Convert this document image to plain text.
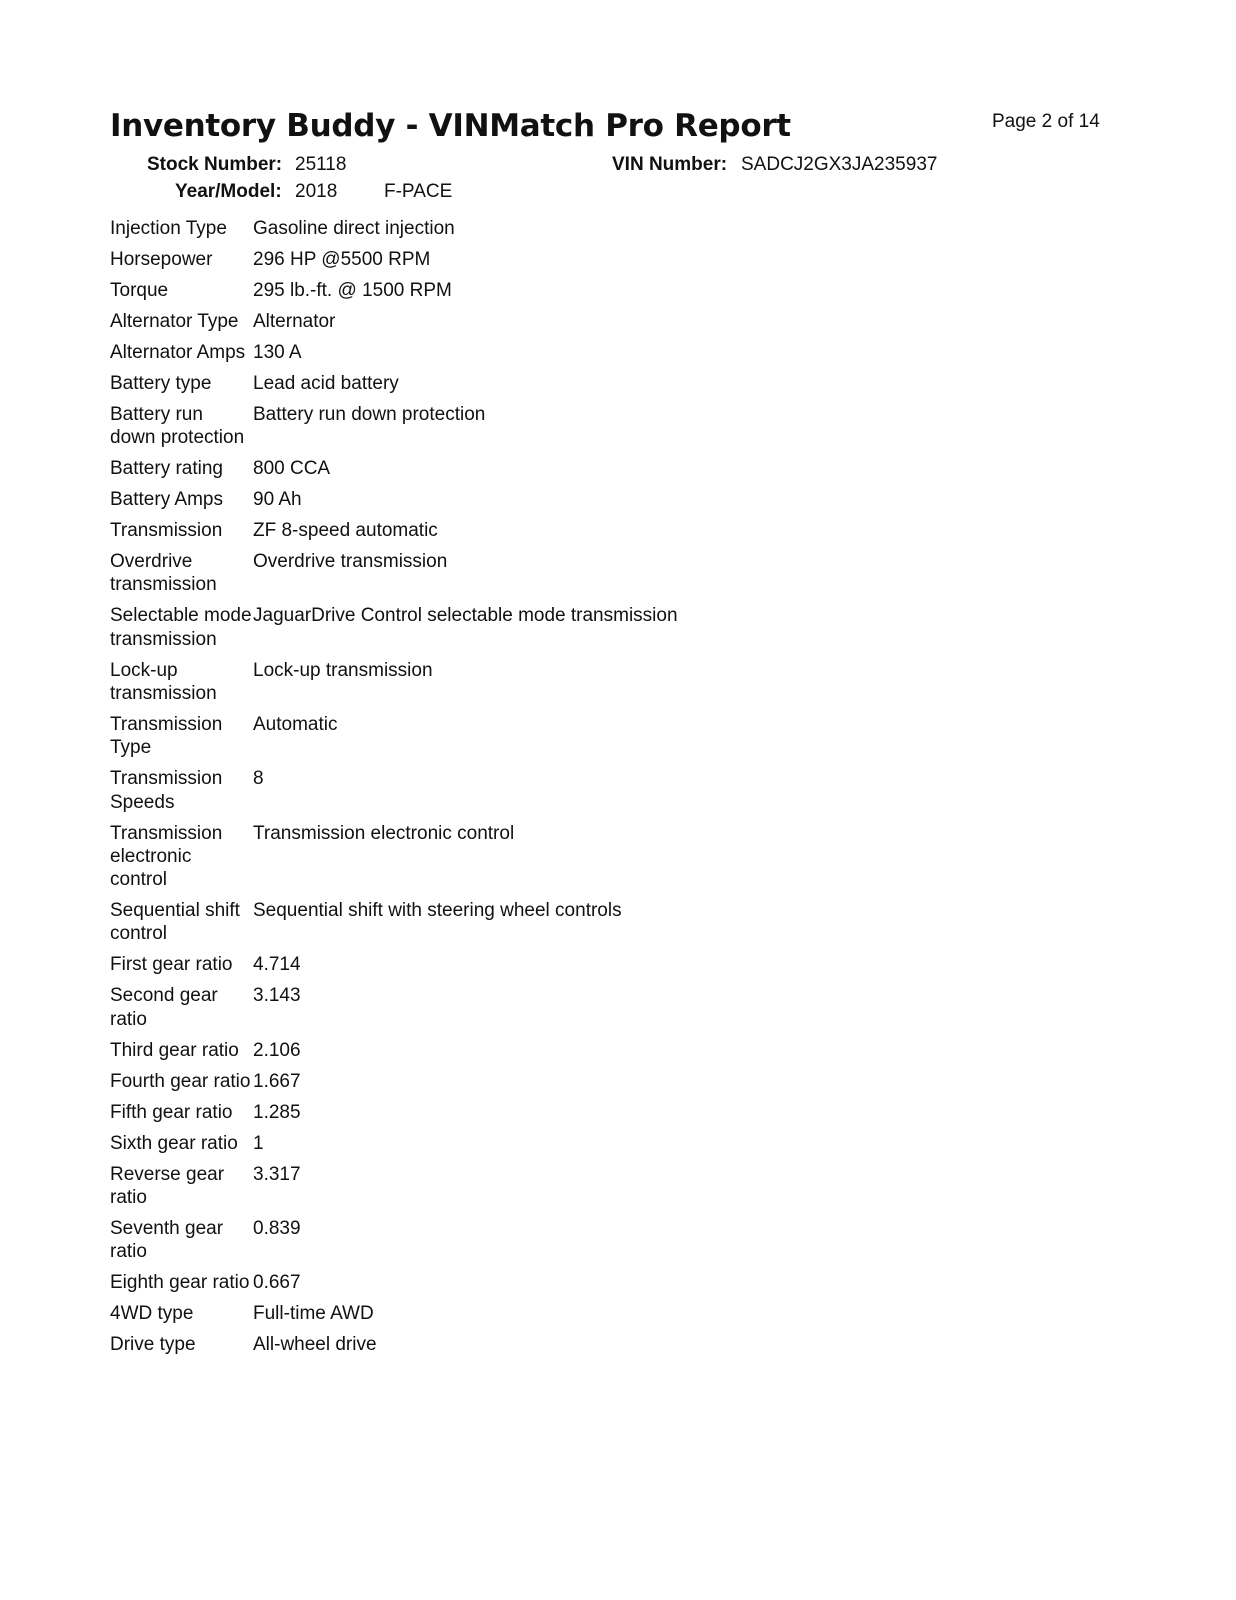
Inventory Buddy - VINMatch Pro Report	Page 2 of 14
Stock Number: 25118	VIN Number: SADCJ2GX3JA235937
Year/Model: 2018 F-PACE
Injection Type	Gasoline direct injection
Horsepower	296 HP @5500 RPM
Torque	295 lb.-ft. @ 1500 RPM
Alternator Type	Alternator
Alternator Amps	130 A
Battery type	Lead acid battery
Battery run down protection	Battery run down protection
Battery rating	800 CCA
Battery Amps	90 Ah
Transmission	ZF 8-speed automatic
Overdrive transmission	Overdrive transmission
Selectable mode transmission	JaguarDrive Control selectable mode transmission
Lock-up transmission	Lock-up transmission
Transmission Type	Automatic
Transmission Speeds	8
Transmission electronic control	Transmission electronic control
Sequential shift control	Sequential shift with steering wheel controls
First gear ratio	4.714
Second gear ratio	3.143
Third gear ratio	2.106
Fourth gear ratio	1.667
Fifth gear ratio	1.285
Sixth gear ratio	1
Reverse gear ratio	3.317
Seventh gear ratio	0.839
Eighth gear ratio	0.667
4WD type	Full-time AWD
Drive type	All-wheel drive
